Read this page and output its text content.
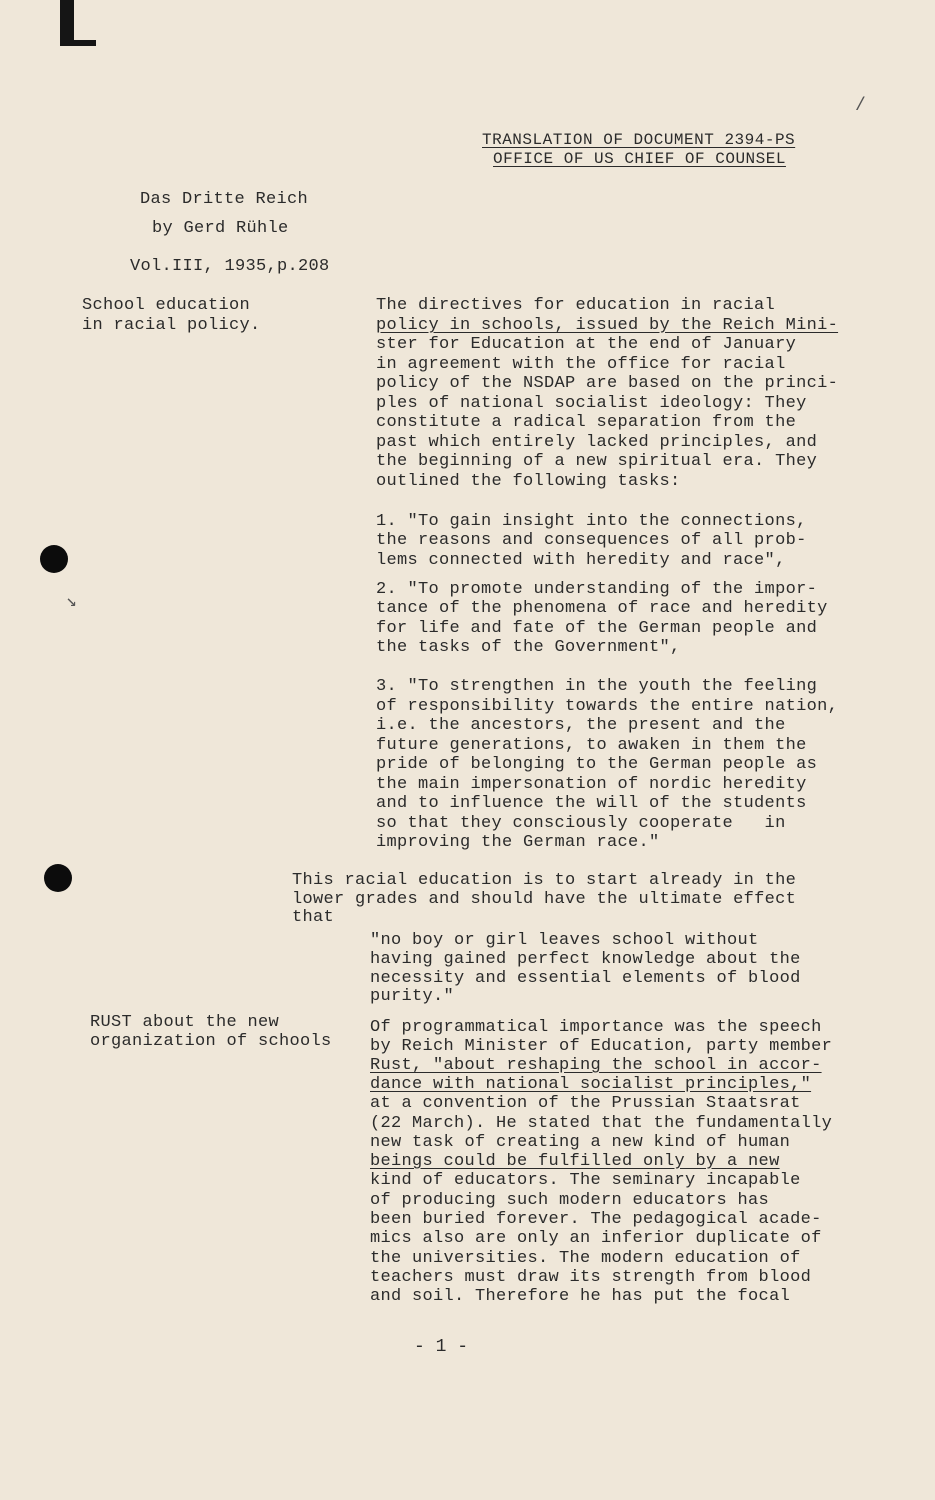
/
↘
TRANSLATION OF DOCUMENT 2394-PS
OFFICE OF US CHIEF OF COUNSEL
Das Dritte Reich
by Gerd Rühle
Vol.III, 1935,p.208
School education
in racial policy.
The directives for education in racial
policy in schools, issued by the Reich Mini-
ster for Education at the end of January
in agreement with the office for racial
policy of the NSDAP are based on the princi-
ples of national socialist ideology: They
constitute a radical separation from the
past which entirely lacked principles, and
the beginning of a new spiritual era. They
outlined the following tasks:
1. "To gain insight into the connections,
the reasons and consequences of all prob-
lems connected with heredity and race",
2. "To promote understanding of the impor-
tance of the phenomena of race and heredity
for life and fate of the German people and
the tasks of the Government",
3. "To strengthen in the youth the feeling
of responsibility towards the entire nation,
i.e. the ancestors, the present and the
future generations, to awaken in them the
pride of belonging to the German people as
the main impersonation of nordic heredity
and to influence the will of the students
so that they consciously cooperate   in
improving the German race."
This racial education is to start already in the
lower grades and should have the ultimate effect
that
"no boy or girl leaves school without
having gained perfect knowledge about the
necessity and essential elements of blood
purity."
RUST about the new
organization of schools
Of programmatical importance was the speech
by Reich Minister of Education, party member
Rust, "about reshaping the school in accor-
dance with national socialist principles,"
at a convention of the Prussian Staatsrat
(22 March). He stated that the fundamentally
new task of creating a new kind of human
beings could be fulfilled only by a new
kind of educators. The seminary incapable
of producing such modern educators has
been buried forever. The pedagogical acade-
mics also are only an inferior duplicate of
the universities. The modern education of
teachers must draw its strength from blood
and soil. Therefore he has put the focal
- 1 -
